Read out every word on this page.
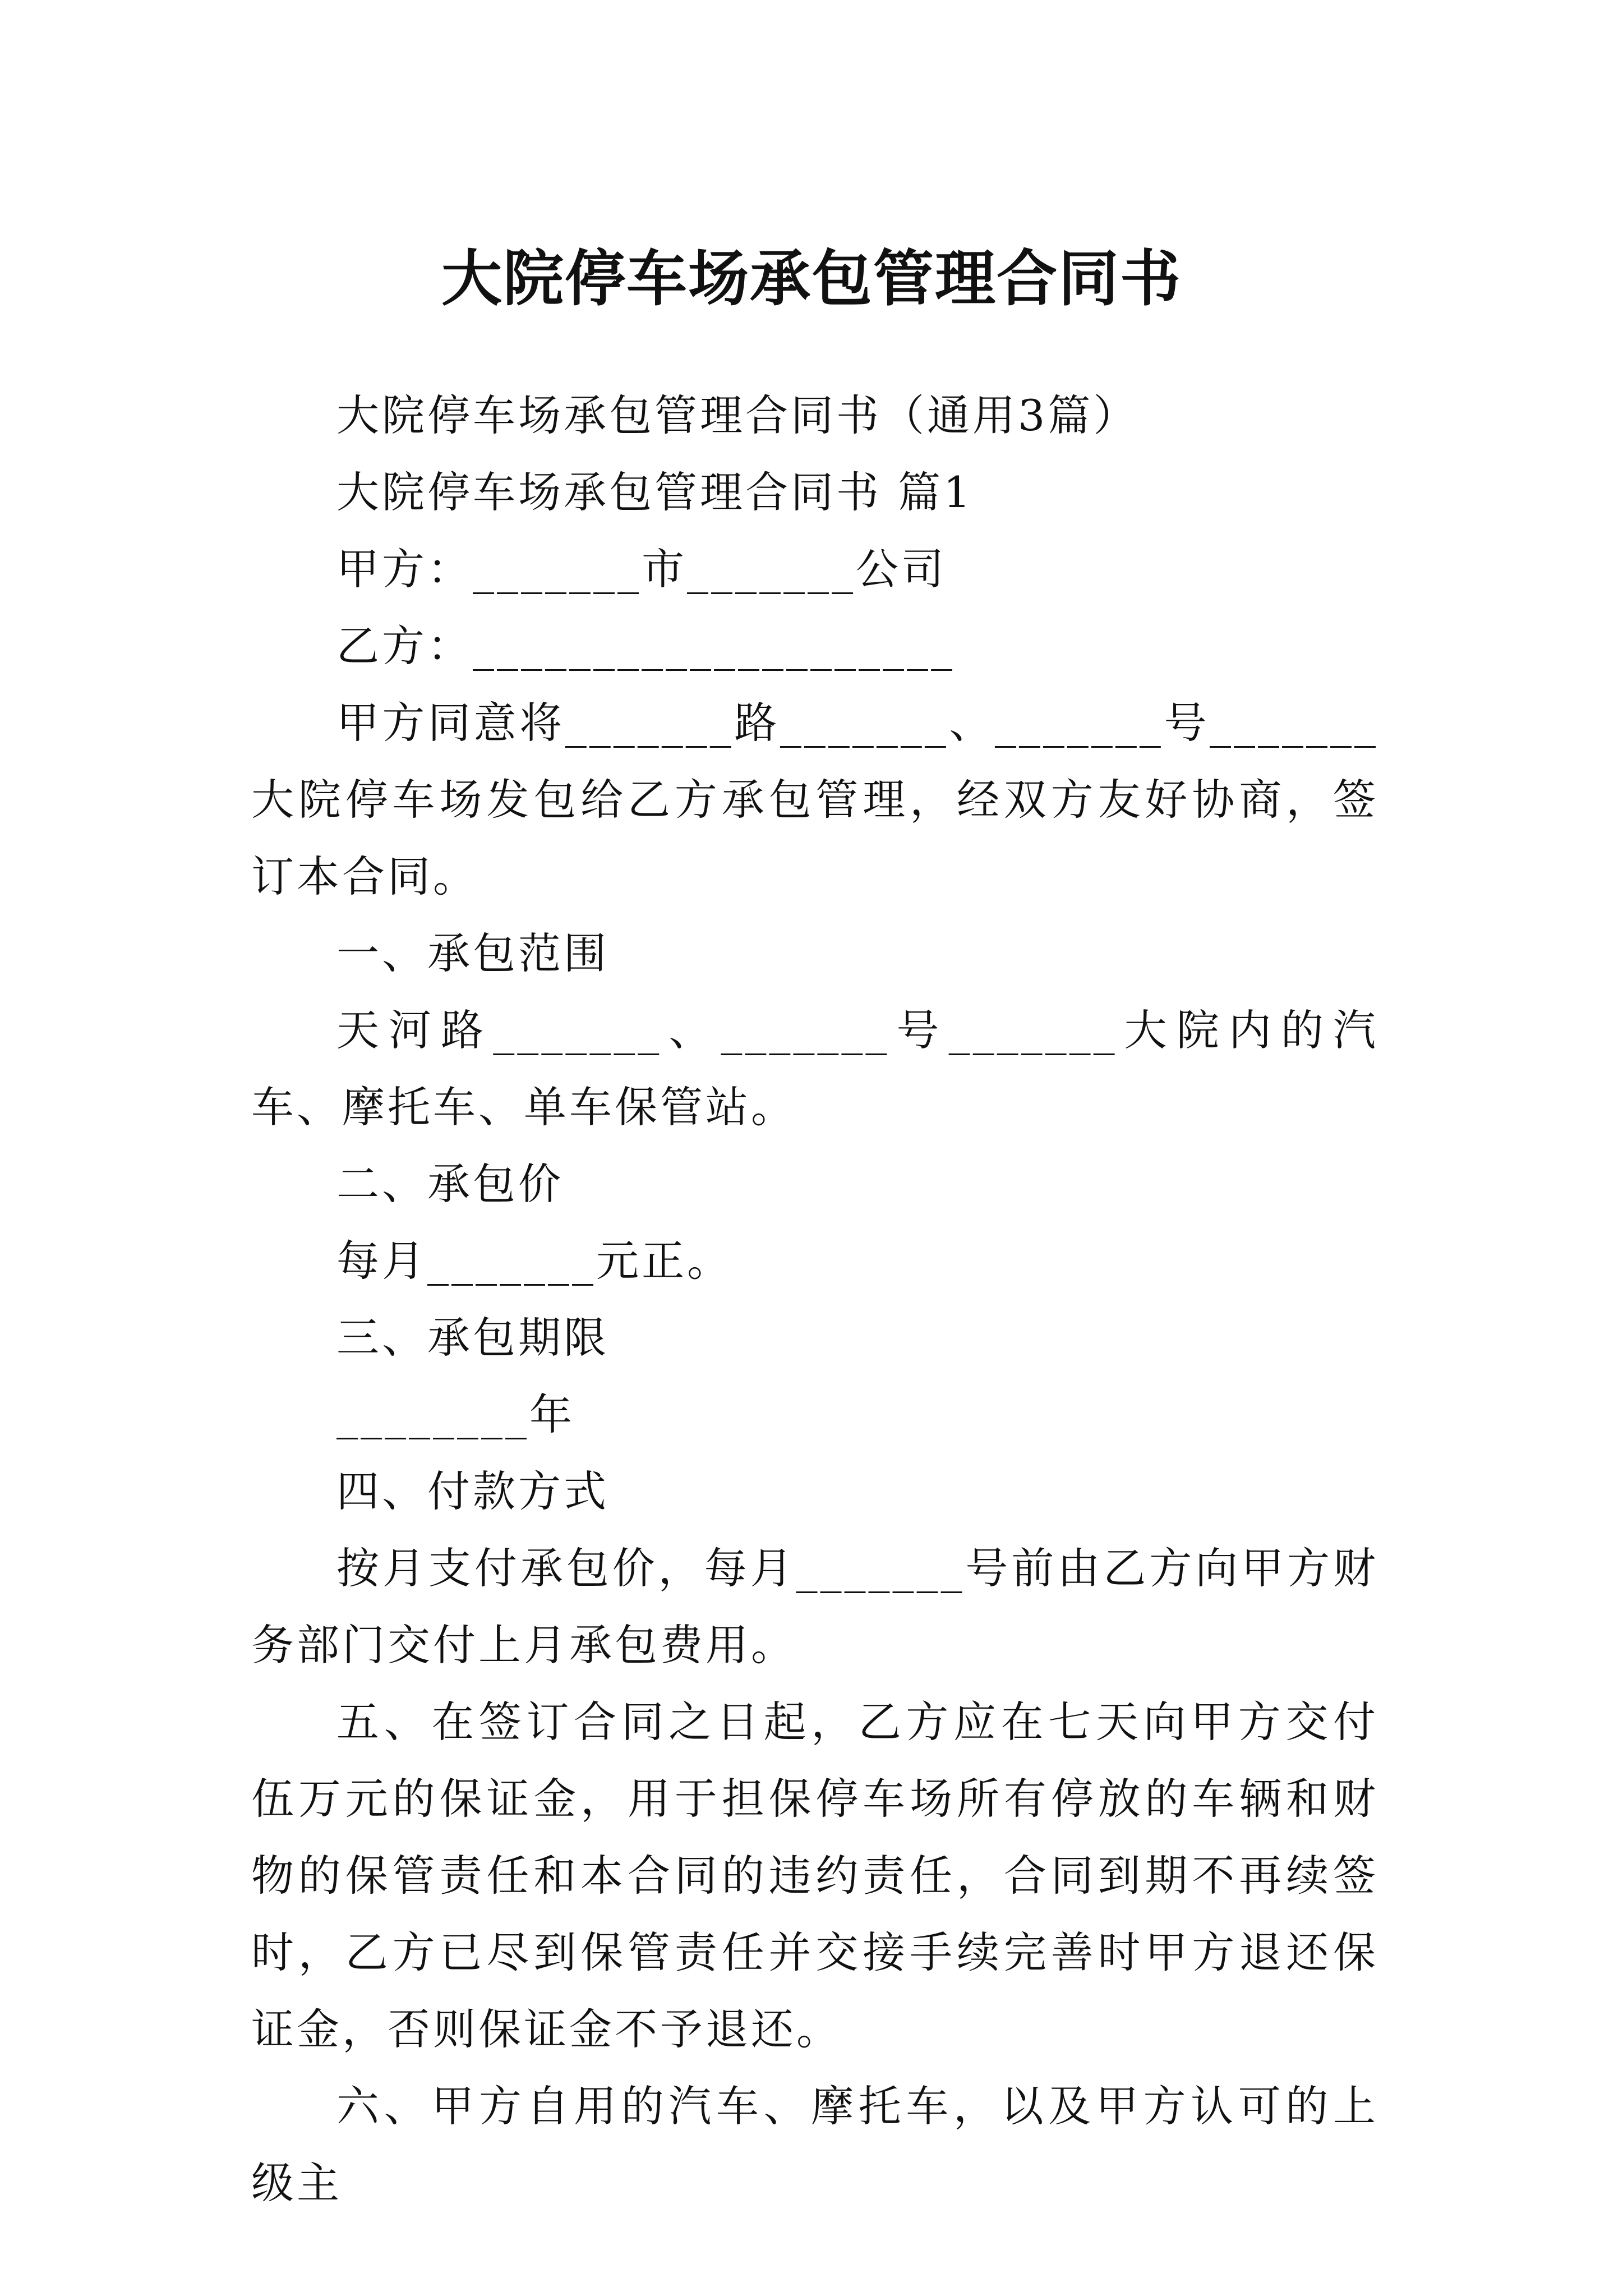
大院停车场承包管理合同书

大院停车场承包管理合同书（通用3篇）

大院停车场承包管理合同书 篇1

甲方：_______市_______公司

乙方：____________________

甲方同意将_______路_______、_______号_______大院停车场发包给乙方承包管理，经双方友好协商，签订本合同。

一、承包范围

天河路_______、_______号_______大院内的汽车、摩托车、单车保管站。

二、承包价

每月_______元正。

三、承包期限

________年

四、付款方式

按月支付承包价，每月_______号前由乙方向甲方财务部门交付上月承包费用。

五、在签订合同之日起，乙方应在七天向甲方交付伍万元的保证金，用于担保停车场所有停放的车辆和财物的保管责任和本合同的违约责任，合同到期不再续签时，乙方已尽到保管责任并交接手续完善时甲方退还保证金，否则保证金不予退还。

六、甲方自用的汽车、摩托车，以及甲方认可的上级主
